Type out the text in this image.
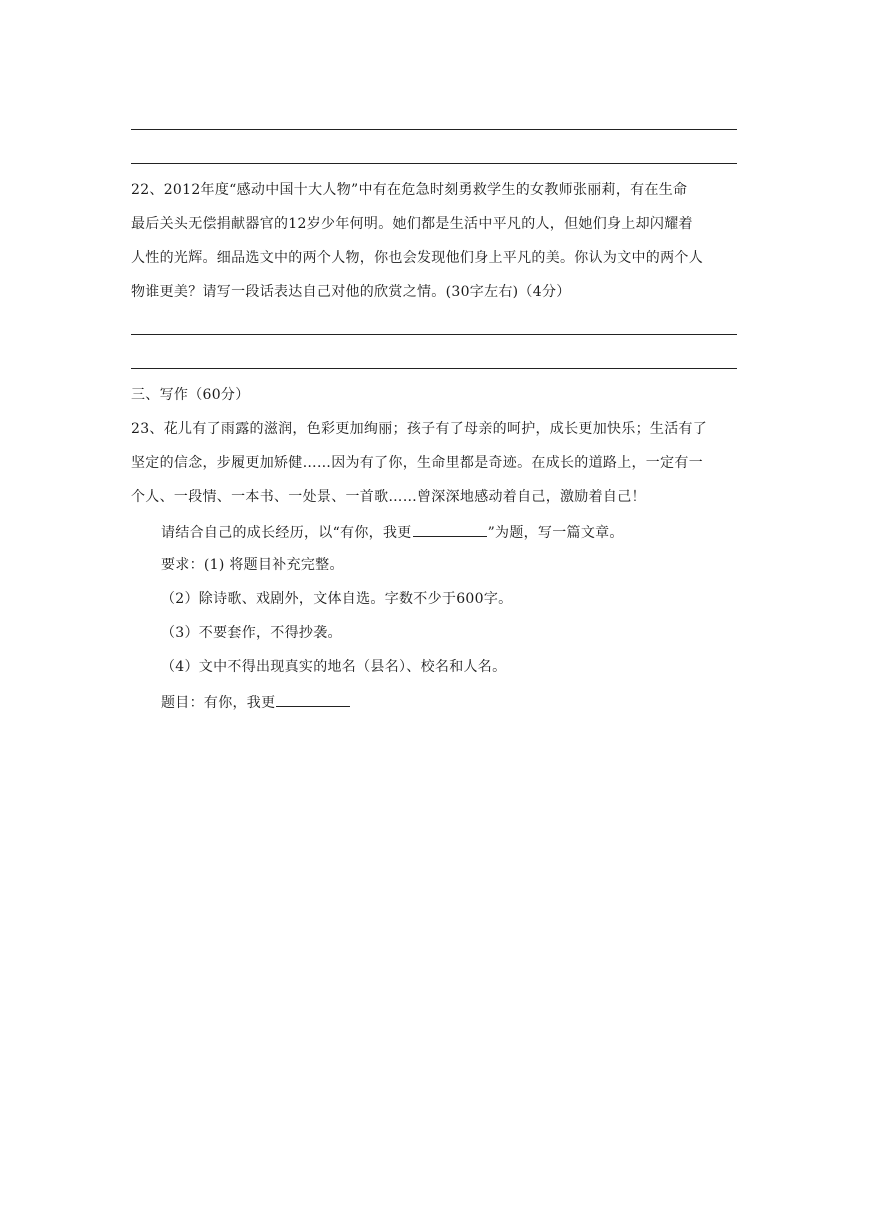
22、2012年度“感动中国十大人物”中有在危急时刻勇救学生的女教师张丽莉，有在生命
最后关头无偿捐献器官的12岁少年何明。她们都是生活中平凡的人，但她们身上却闪耀着
人性的光辉。细品选文中的两个人物，你也会发现他们身上平凡的美。你认为文中的两个人
物谁更美？请写一段话表达自己对他的欣赏之情。(30字左右)（4分）
三、写作（60分）
23、花儿有了雨露的滋润，色彩更加绚丽；孩子有了母亲的呵护，成长更加快乐；生活有了
坚定的信念，步履更加矫健……因为有了你，生命里都是奇迹。在成长的道路上，一定有一
个人、一段情、一本书、一处景、一首歌……曾深深地感动着自己，激励着自己！
请结合自己的成长经历，以“有你，我更	”为题，写一篇文章。
要求：(1) 将题目补充完整。
（2）除诗歌、戏剧外，文体自选。字数不少于600字。
（3）不要套作，不得抄袭。
（4）文中不得出现真实的地名（县名）、校名和人名。
题目：有你，我更
